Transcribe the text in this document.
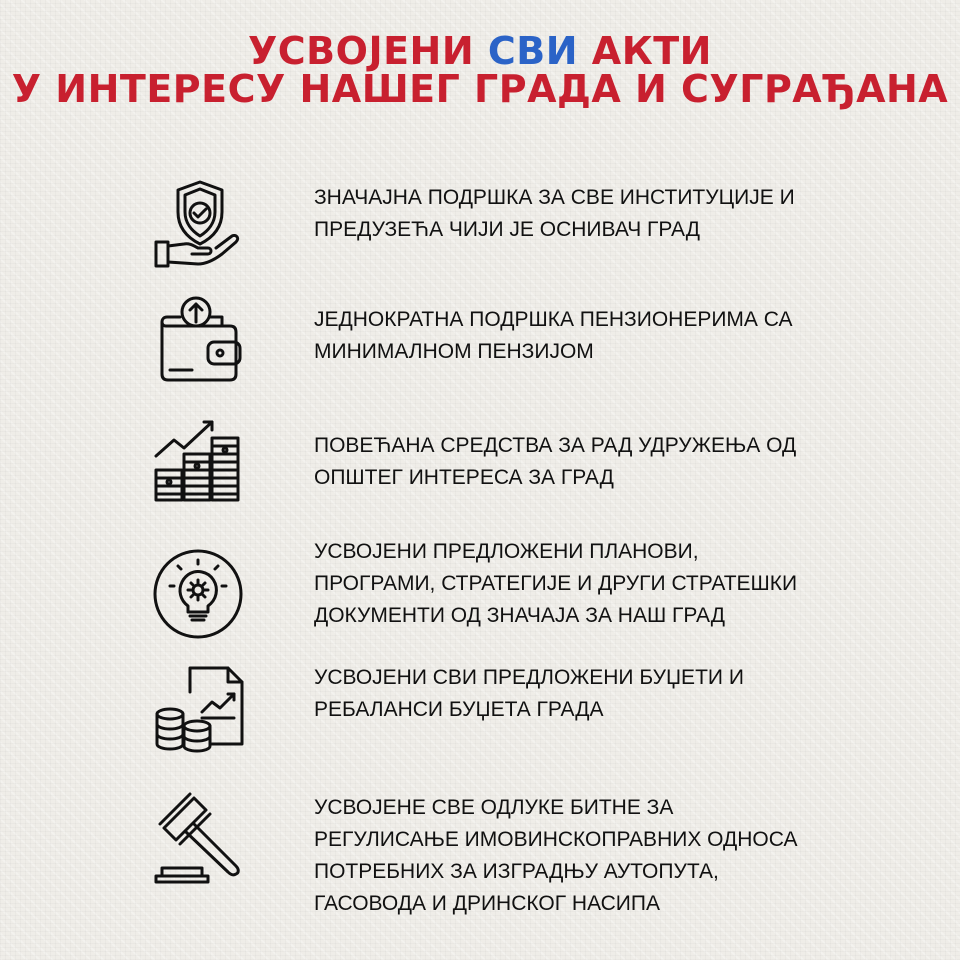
УСВОЈЕНИ СВИ АКТИ
У ИНТЕРЕСУ НАШЕГ ГРАДА И СУГРАЂАНА
ЗНАЧАЈНА ПОДРШКА ЗА СВЕ ИНСТИТУЦИЈЕ И
ПРЕДУЗЕЋА ЧИЈИ ЈЕ ОСНИВАЧ ГРАД
ЈЕДНОКРАТНА ПОДРШКА ПЕНЗИОНЕРИМА СА
МИНИМАЛНОМ ПЕНЗИЈОМ
ПОВЕЋАНА СРЕДСТВА ЗА РАД УДРУЖЕЊА ОД
ОПШТЕГ ИНТЕРЕСА ЗА ГРАД
УСВОЈЕНИ ПРЕДЛОЖЕНИ ПЛАНОВИ,
ПРОГРАМИ, СТРАТЕГИЈЕ И ДРУГИ СТРАТЕШКИ
ДОКУМЕНТИ ОД ЗНАЧАЈА ЗА НАШ ГРАД
УСВОЈЕНИ СВИ ПРЕДЛОЖЕНИ БУЏЕТИ И
РЕБАЛАНСИ БУЏЕТА ГРАДА
УСВОЈЕНЕ СВЕ ОДЛУКЕ БИТНЕ ЗА
РЕГУЛИСАЊЕ ИМОВИНСКОПРАВНИХ ОДНОСА
ПОТРЕБНИХ ЗА ИЗГРАДЊУ АУТОПУТА,
ГАСОВОДА И ДРИНСКОГ НАСИПА
